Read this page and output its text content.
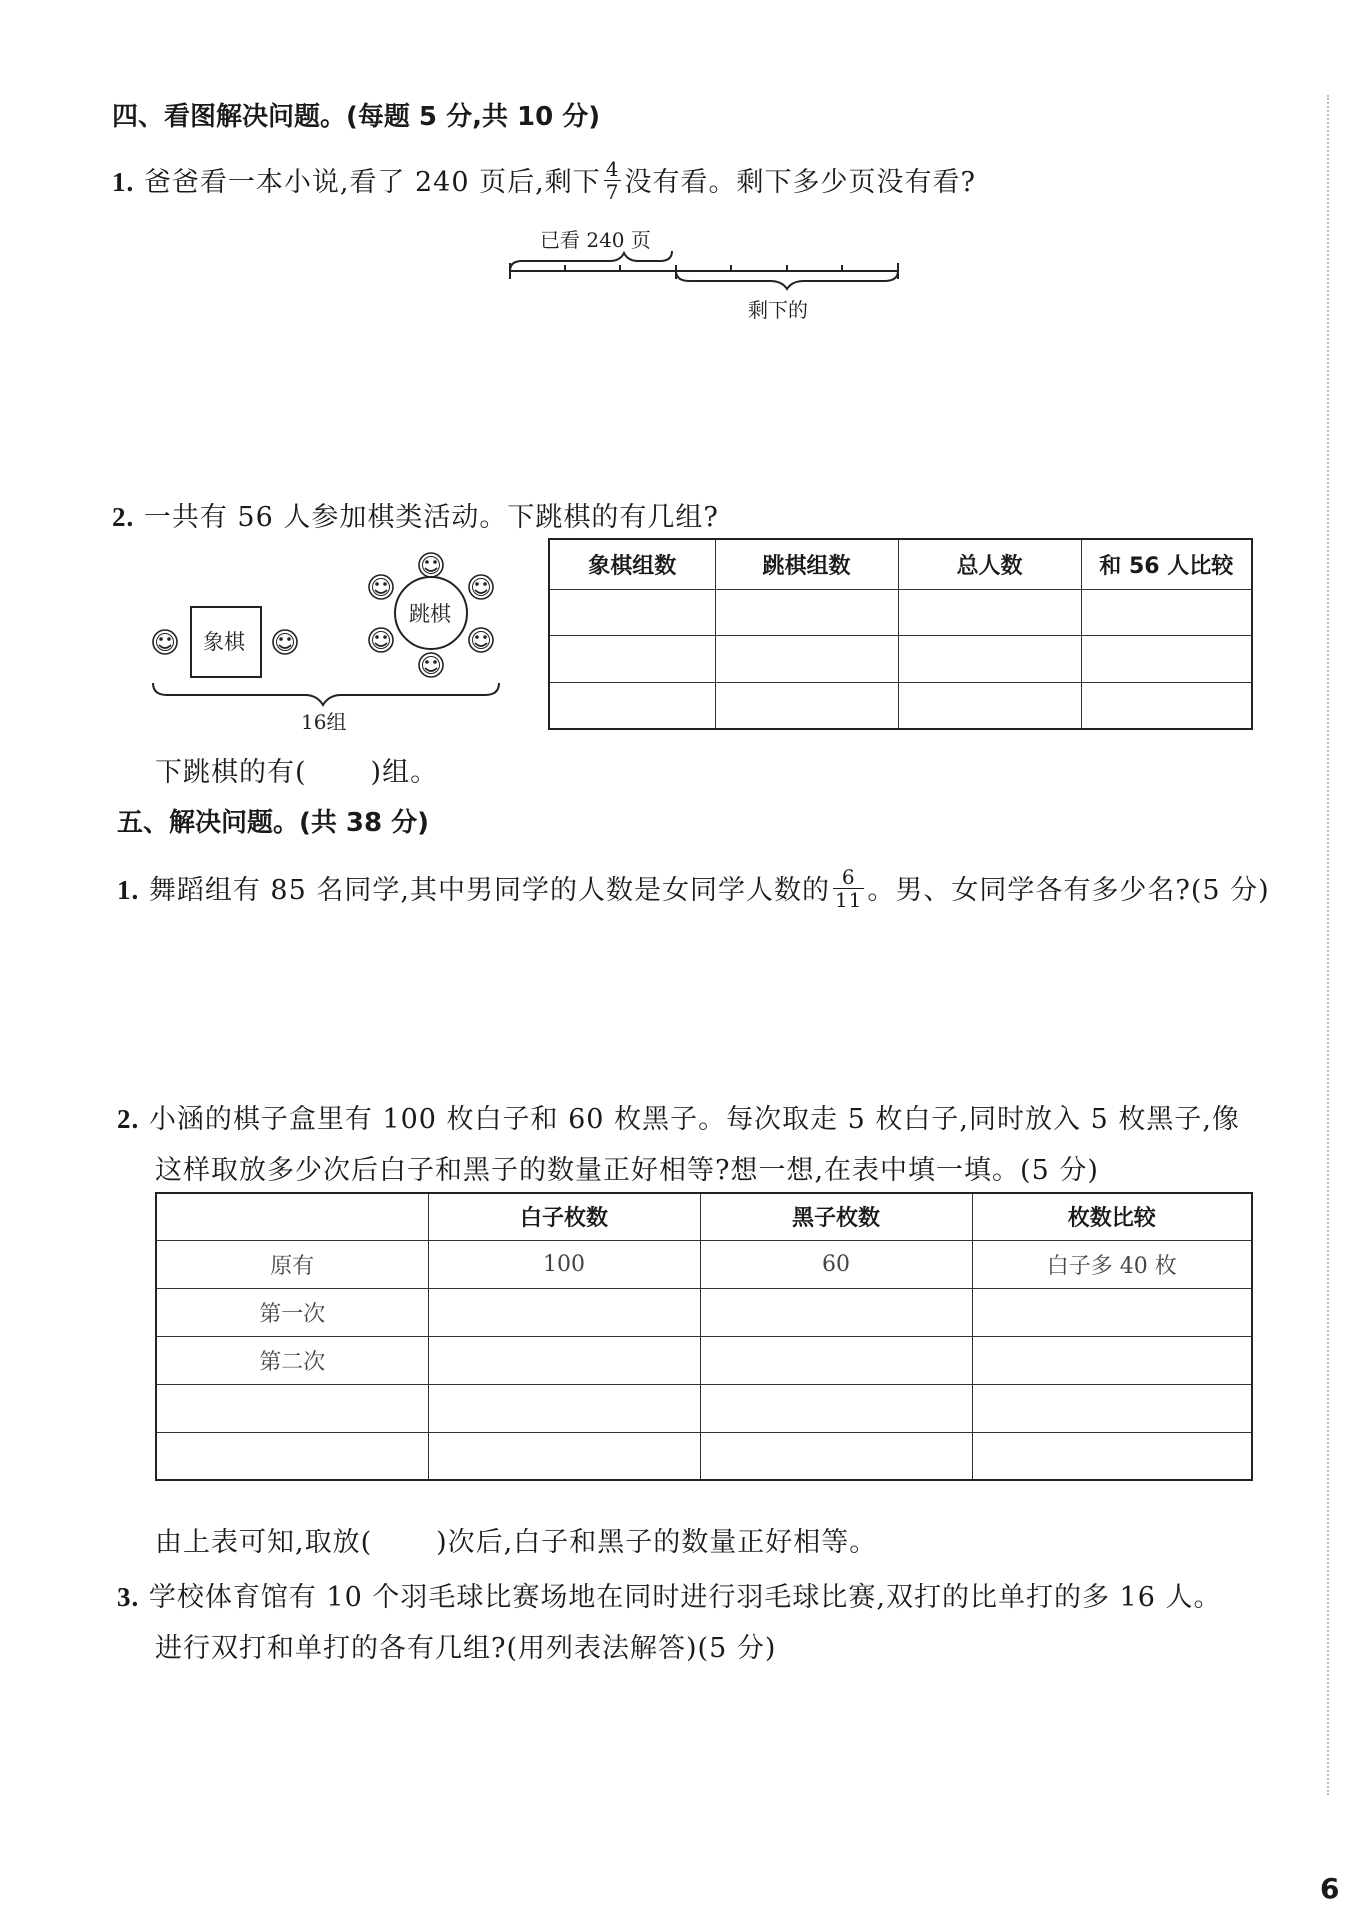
四、看图解决问题。(每题 5 分,共 10 分)
1. 爸爸看一本小说,看了 240 页后,剩下 $\frac{4}{7}$ 没有看。剩下多少页没有看?
已看 240 页
剩下的
2. 一共有 56 人参加棋类活动。下跳棋的有几组?
象棋
跳棋
16组
象棋组数	跳棋组数	总人数	和 56 人比较

下跳棋的有( )组。
五、解决问题。(共 38 分)
1. 舞蹈组有 85 名同学,其中男同学的人数是女同学人数的 $\frac{6}{11}$ 。男、女同学各有多少名?(5 分)
2. 小涵的棋子盒里有 100 枚白子和 60 枚黑子。每次取走 5 枚白子,同时放入 5 枚黑子,像
这样取放多少次后白子和黑子的数量正好相等?想一想,在表中填一填。(5 分)
	白子枚数	黑子枚数	枚数比较
原有	100	60	白子多 40 枚
第一次			
第二次			

由上表可知,取放( )次后,白子和黑子的数量正好相等。
3. 学校体育馆有 10 个羽毛球比赛场地在同时进行羽毛球比赛,双打的比单打的多 16 人。
进行双打和单打的各有几组?(用列表法解答)(5 分)
6
